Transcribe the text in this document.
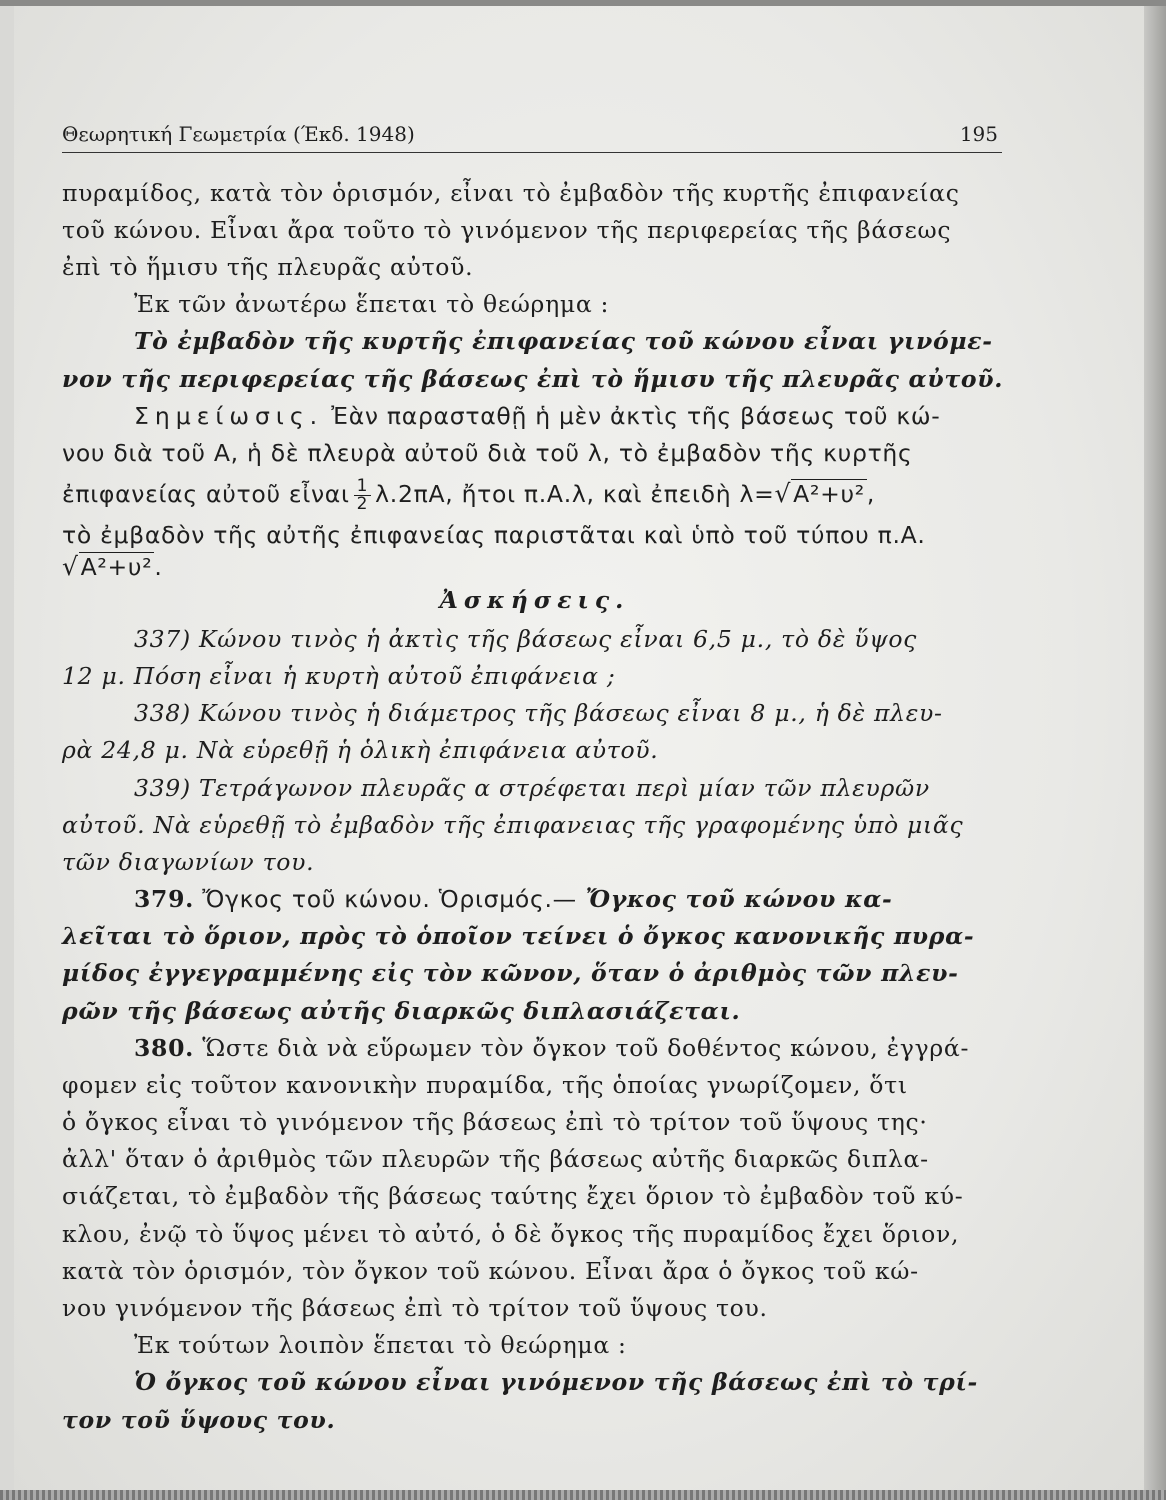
Θεωρητική Γεωμετρία (Έκδ. 1948)	195
πυραμίδος, κατὰ τὸν ὁρισμόν, εἶναι τὸ ἐμβαδὸν τῆς κυρτῆς ἐπιφανείας
τοῦ κώνου. Εἶναι ἄρα τοῦτο τὸ γινόμενον τῆς περιφερείας τῆς βάσεως
ἐπὶ τὸ ἥμισυ τῆς πλευρᾶς αὐτοῦ.
Ἐκ τῶν ἀνωτέρω ἕπεται τὸ θεώρημα :
Τὸ ἐμβαδὸν τῆς κυρτῆς ἐπιφανείας τοῦ κώνου εἶναι γινόμε-
νον τῆς περιφερείας τῆς βάσεως ἐπὶ τὸ ἥμισυ τῆς πλευρᾶς αὐτοῦ.
Σημείωσις. Ἐὰν παρασταθῇ ἡ μὲν ἀκτὶς τῆς βάσεως τοῦ κώ-
νου διὰ τοῦ Α, ἡ δὲ πλευρὰ αὐτοῦ διὰ τοῦ λ, τὸ ἐμβαδὸν τῆς κυρτῆς
ἐπιφανείας αὐτοῦ εἶναι $\frac{1}{2} \lambda.2\pi A$, ἤτοι π.Α.λ, καὶ ἐπειδὴ λ=√Α²+υ²,
τὸ ἐμβαδὸν τῆς αὐτῆς ἐπιφανείας παριστᾶται καὶ ὑπὸ τοῦ τύπου π.Α.
√Α²+υ².
Ἀσκήσεις.
337) Κώνου τινὸς ἡ ἀκτὶς τῆς βάσεως εἶναι 6,5 μ., τὸ δὲ ὕψος
12 μ. Πόση εἶναι ἡ κυρτὴ αὐτοῦ ἐπιφάνεια ;
338) Κώνου τινὸς ἡ διάμετρος τῆς βάσεως εἶναι 8 μ., ἡ δὲ πλευ-
ρὰ 24,8 μ. Νὰ εὑρεθῇ ἡ ὁλικὴ ἐπιφάνεια αὐτοῦ.
339) Τετράγωνον πλευρᾶς α στρέφεται περὶ μίαν τῶν πλευρῶν
αὐτοῦ. Νὰ εὑρεθῇ τὸ ἐμβαδὸν τῆς ἐπιφανειας τῆς γραφομένης ὑπὸ μιᾶς
τῶν διαγωνίων του.
379. Ὄγκος τοῦ κώνου. Ὁρισμός.— Ὄγκος τοῦ κώνου κα-
λεῖται τὸ ὅριον, πρὸς τὸ ὁποῖον τείνει ὁ ὄγκος κανονικῆς πυρα-
μίδος ἐγγεγραμμένης εἰς τὸν κῶνον, ὅταν ὁ ἀριθμὸς τῶν πλευ-
ρῶν τῆς βάσεως αὐτῆς διαρκῶς διπλασιάζεται.
380. Ὥστε διὰ νὰ εὕρωμεν τὸν ὄγκον τοῦ δοθέντος κώνου, ἐγγρά-
φομεν εἰς τοῦτον κανονικὴν πυραμίδα, τῆς ὁποίας γνωρίζομεν, ὅτι
ὁ ὄγκος εἶναι τὸ γινόμενον τῆς βάσεως ἐπὶ τὸ τρίτον τοῦ ὕψους της·
ἀλλ' ὅταν ὁ ἀριθμὸς τῶν πλευρῶν τῆς βάσεως αὐτῆς διαρκῶς διπλα-
σιάζεται, τὸ ἐμβαδὸν τῆς βάσεως ταύτης ἔχει ὅριον τὸ ἐμβαδὸν τοῦ κύ-
κλου, ἐνῷ τὸ ὕψος μένει τὸ αὐτό, ὁ δὲ ὄγκος τῆς πυραμίδος ἔχει ὅριον,
κατὰ τὸν ὁρισμόν, τὸν ὄγκον τοῦ κώνου. Εἶναι ἄρα ὁ ὄγκος τοῦ κώ-
νου γινόμενον τῆς βάσεως ἐπὶ τὸ τρίτον τοῦ ὕψους του.
Ἐκ τούτων λοιπὸν ἕπεται τὸ θεώρημα :
Ὁ ὄγκος τοῦ κώνου εἶναι γινόμενον τῆς βάσεως ἐπὶ τὸ τρί-
τον τοῦ ὕψους του.
